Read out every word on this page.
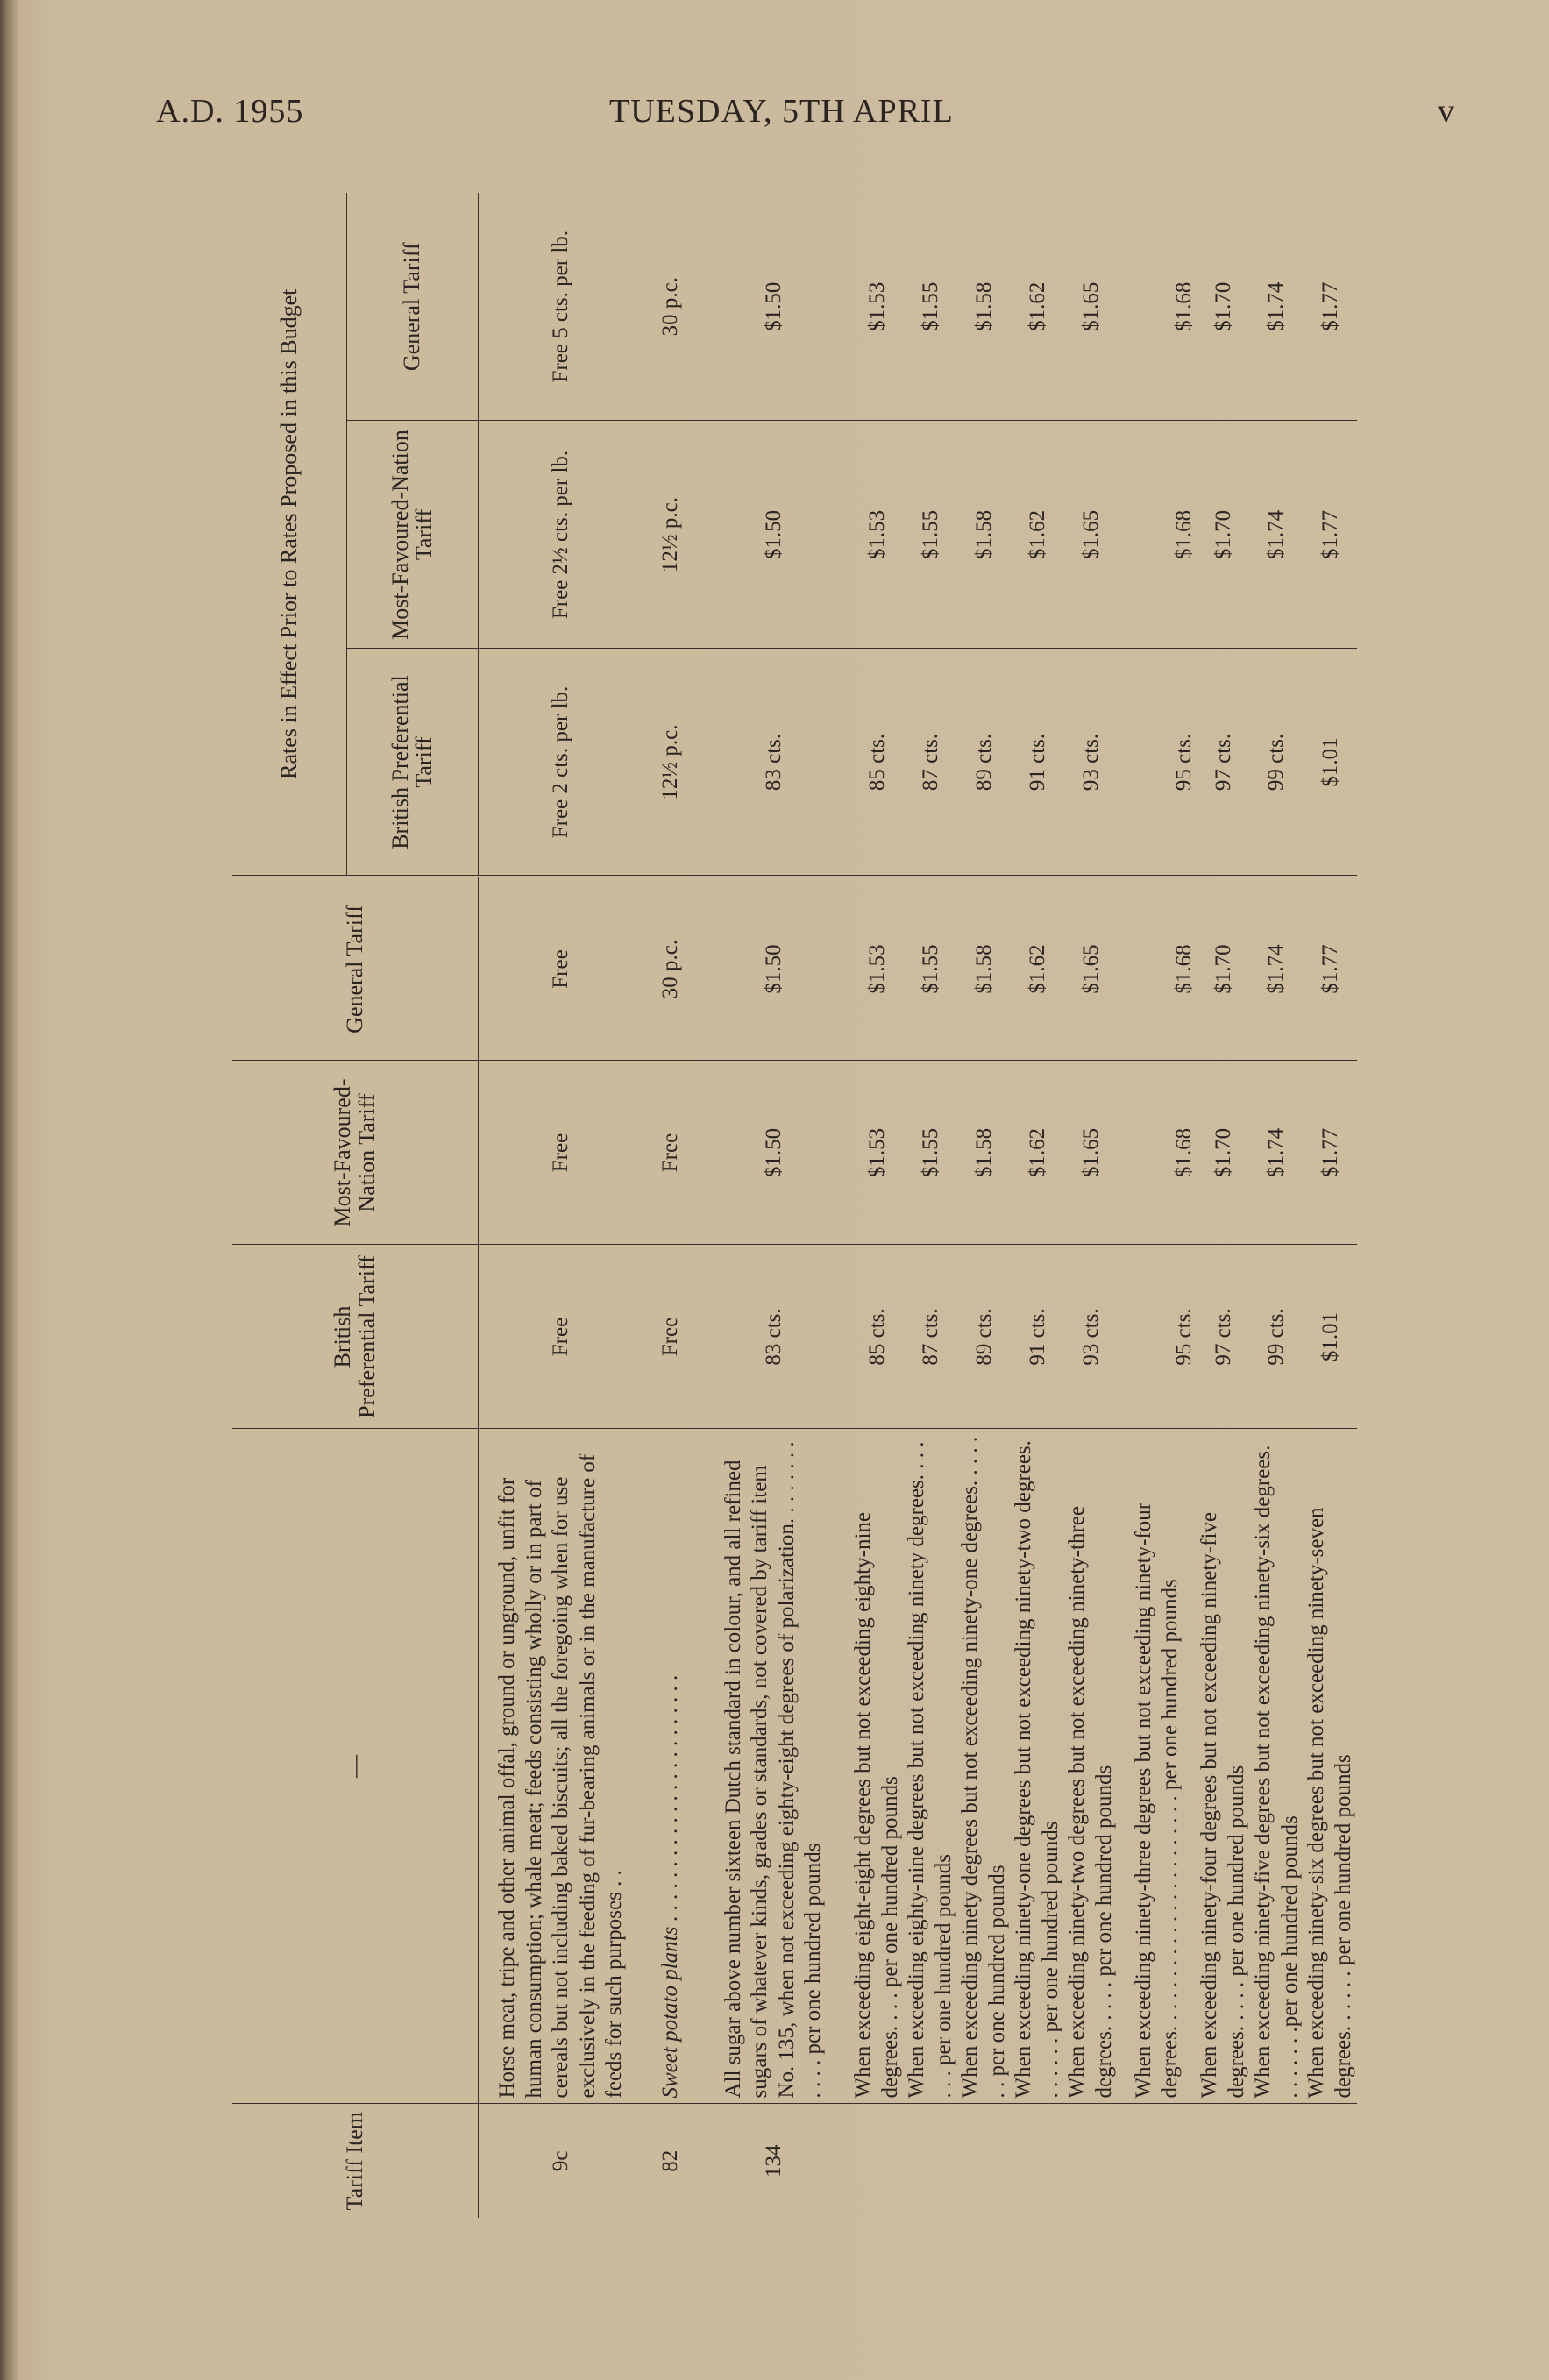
A.D. 1955	TUESDAY, 5TH APRIL	v
Tariff Item	—	British Preferential Tariff	Most-Favoured-Nation Tariff	General Tariff	Rates in Effect Prior to Rates Proposed in this Budget		
					British Preferential Tariff	Most-Favoured-Nation Tariff	General Tariff
9c	Horse meat, tripe and other animal offal, ground or unground, unfit for human consumption; whale meat; feeds consisting wholly or in part of cereals but not including baked biscuits; all the foregoing when for use exclusively in the feeding of fur-bearing animals or in the manufacture of feeds for such purposes . .	Free	Free	Free	Free 2 cts. per lb.	Free 2½ cts. per lb.	Free 5 cts. per lb.
82	Sweet potato plants . . . . . . . . . . . . . . . . . . . . . . .	Free	Free	30 p.c.	12½ p.c.	12½ p.c.	30 p.c.
134	All sugar above number sixteen Dutch standard in colour, and all refined sugars of whatever kinds, grades or standards, not covered by tariff item No. 135, when not exceeding eighty-eight degrees of polarization. . . . . . . . . . . . per one hundred pounds	83 cts.	$1.50	$1.50	83 cts.	$1.50	$1.50
	When exceeding eight-eight degrees but not exceeding eighty-nine degrees. . . . per one hundred pounds	85 cts.	$1.53	$1.53	85 cts.	$1.53	$1.53
	When exceeding eighty-nine degrees but not exceeding ninety degrees. . . . . . . per one hundred pounds	87 cts.	$1.55	$1.55	87 cts.	$1.55	$1.55
	When exceeding ninety degrees but not exceeding ninety-one degrees. . . . . . . per one hundred pounds	89 cts.	$1.58	$1.58	89 cts.	$1.58	$1.58
	When exceeding ninety-one degrees but not exceeding ninety-two degrees. . . . . . . per one hundred pounds	91 cts.	$1.62	$1.62	91 cts.	$1.62	$1.62
	When exceeding ninety-two degrees but not exceeding ninety-three degrees. . . . . per one hundred pounds	93 cts.	$1.65	$1.65	93 cts.	$1.65	$1.65
	When exceeding ninety-three degrees but not exceeding ninety-four degrees. . . . . . . . . . . . . . . . . . . . . . per one hundred pounds	95 cts.	$1.68	$1.68	95 cts.	$1.68	$1.68
	When exceeding ninety-four degrees but not exceeding ninety-five degrees. . . . . per one hundred pounds	97 cts.	$1.70	$1.70	97 cts.	$1.70	$1.70
	When exceeding ninety-five degrees but not exceeding ninety-six degrees. . . . . . . .per one hundred pounds	99 cts.	$1.74	$1.74	99 cts.	$1.74	$1.74
	When exceeding ninety-six degrees but not exceeding ninety-seven degrees. . . . . . per one hundred pounds	$1.01	$1.77	$1.77	$1.01	$1.77	$1.77
